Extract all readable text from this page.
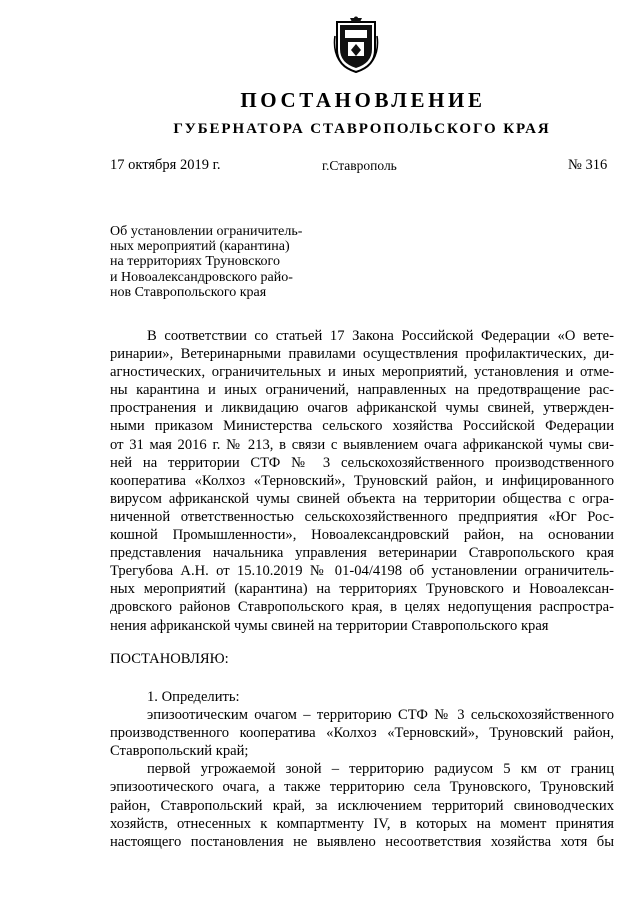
ПОСТАНОВЛЕНИЕ
ГУБЕРНАТОРА СТАВРОПОЛЬСКОГО КРАЯ
17 октября 2019 г.	г.Ставрополь	№ 316
Об установлении ограничитель-
ных мероприятий (карантина)
на территориях Труновского
и Новоалександровского райо-
нов Ставропольского края
В соответствии со статьей 17 Закона Российской Федерации «О вете-
ринарии», Ветеринарными правилами осуществления профилактических, ди-
агностических, ограничительных и иных мероприятий, установления и отме-
ны карантина и иных ограничений, направленных на предотвращение рас-
пространения и ликвидацию очагов африканской чумы свиней, утвержден-
ными приказом Министерства сельского хозяйства Российской Федерации
от 31 мая 2016 г. № 213, в связи с выявлением очага африканской чумы сви-
ней на территории СТФ № 3 сельскохозяйственного производственного
кооператива «Колхоз «Терновский», Труновский район, и инфицированного
вирусом африканской чумы свиней объекта на территории общества с огра-
ниченной ответственностью сельскохозяйственного предприятия «Юг Рос-
кошной Промышленности», Новоалександровский район, на основании
представления начальника управления ветеринарии Ставропольского края
Трегубова А.Н. от 15.10.2019 № 01-04/4198 об установлении ограничитель-
ных мероприятий (карантина) на территориях Труновского и Новоалексан-
дровского районов Ставропольского края, в целях недопущения распростра-
нения африканской чумы свиней на территории Ставропольского края
ПОСТАНОВЛЯЮ:
1. Определить:
эпизоотическим очагом – территорию СТФ № 3 сельскохозяйственного
производственного кооператива «Колхоз «Терновский», Труновский район,
Ставропольский край;
первой угрожаемой зоной – территорию радиусом 5 км от границ
эпизоотического очага, а также территорию села Труновского, Труновский
район, Ставропольский край, за исключением территорий свиноводческих
хозяйств, отнесенных к компартменту IV, в которых на момент принятия
настоящего постановления не выявлено несоответствия хозяйства хотя бы
